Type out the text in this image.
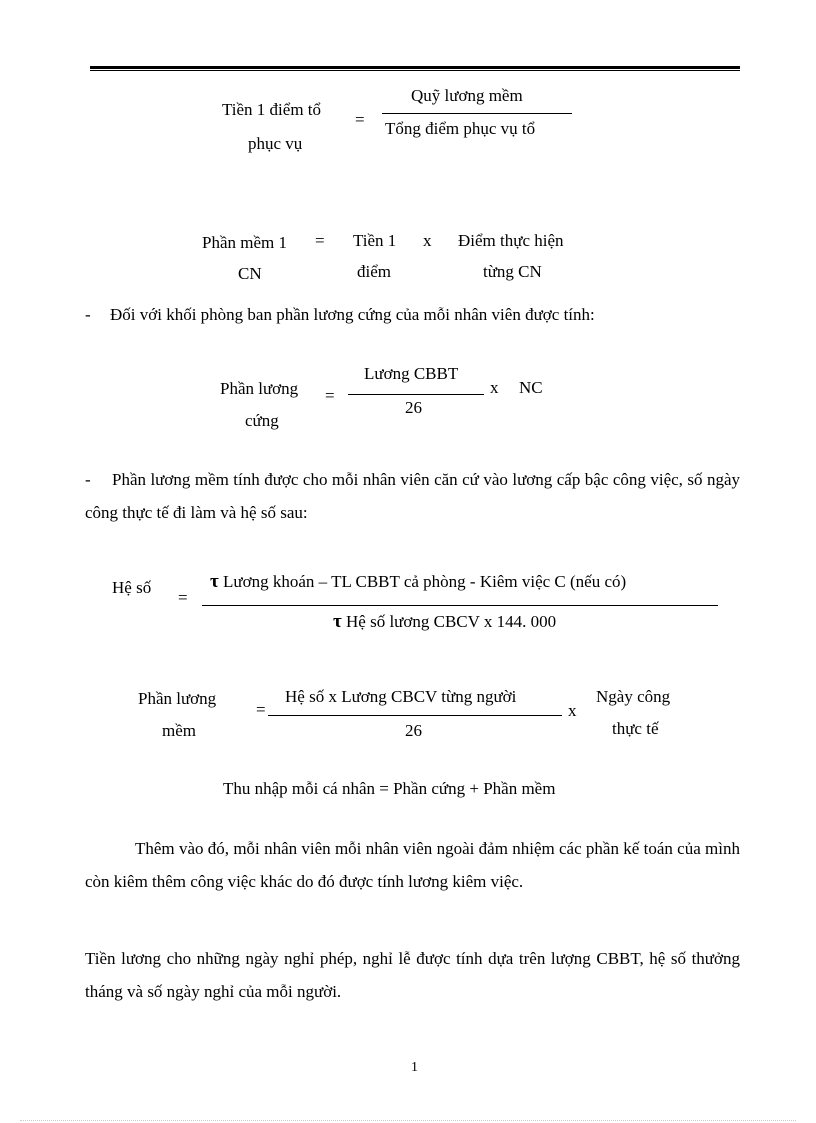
Tiền 1 điểm tổ
phục vụ
=
Quỹ lương mềm
Tổng điểm phục vụ tổ
Phần mềm 1
CN
= Tiền 1
điểm
x Điểm thực hiện
từng CN
- Đối với khối phòng ban phần lương cứng của mỗi nhân viên được tính:
Phần lương
cứng
=
Lương CBBT
26
x NC
-	Phần lương mềm tính được cho mỗi nhân viên căn cứ vào lương cấp bậc công việc, số ngày công thực tế đi làm và hệ số sau:
Hệ số
=
τ Lương khoán – TL CBBT cả phòng - Kiêm việc C (nếu có)
τ Hệ số lương CBCV x 144. 000
Phần lương
mềm
=
Hệ số x Lương CBCV từng người
26
x
Ngày công
thực tế
Thu nhập mỗi cá nhân = Phần cứng + Phần mềm
Thêm vào đó, mỗi nhân viên mỗi nhân viên ngoài đảm nhiệm các phần kế toán của mình còn kiêm thêm công việc khác do đó được tính lương kiêm việc.
Tiền lương cho những ngày nghỉ phép, nghỉ lễ được tính dựa trên lượng CBBT, hệ số thưởng tháng và số ngày nghỉ của mỗi người.
1
